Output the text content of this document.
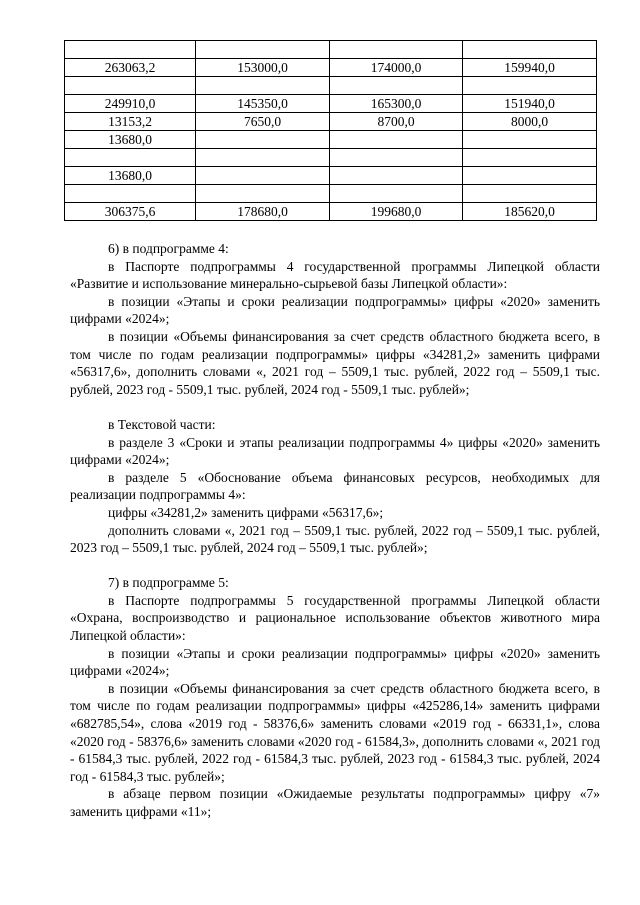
263063,2	153000,0	174000,0	159940,0

249910,0	145350,0	165300,0	151940,0
13153,2	7650,0	8700,0	8000,0
13680,0			

13680,0			

306375,6	178680,0	199680,0	185620,0

6) в подпрограмме 4:

в Паспорте подпрограммы 4 государственной программы Липецкой области «Развитие и использование минерально-сырьевой базы Липецкой области»:

в позиции «Этапы и сроки реализации подпрограммы» цифры «2020» заменить цифрами «2024»;

в позиции «Объемы финансирования за счет средств областного бюджета всего, в том числе по годам реализации подпрограммы» цифры «34281,2» заменить цифрами «56317,6», дополнить словами «, 2021 год – 5509,1 тыс. рублей, 2022 год – 5509,1 тыс. рублей, 2023 год - 5509,1 тыс. рублей, 2024 год - 5509,1 тыс. рублей»;

в Текстовой части:

в разделе 3 «Сроки и этапы реализации подпрограммы 4» цифры «2020» заменить цифрами «2024»;

в разделе 5 «Обоснование объема финансовых ресурсов, необходимых для реализации подпрограммы 4»:

цифры «34281,2» заменить цифрами «56317,6»;

дополнить словами «, 2021 год – 5509,1 тыс. рублей, 2022 год – 5509,1 тыс. рублей, 2023 год – 5509,1 тыс. рублей, 2024 год – 5509,1 тыс. рублей»;

7) в подпрограмме 5:

в Паспорте подпрограммы 5 государственной программы Липецкой области «Охрана, воспроизводство и рациональное использование объектов животного мира Липецкой области»:

в позиции «Этапы и сроки реализации подпрограммы» цифры «2020» заменить цифрами «2024»;

в позиции «Объемы финансирования за счет средств областного бюджета всего, в том числе по годам реализации подпрограммы» цифры «425286,14» заменить цифрами «682785,54», слова «2019 год - 58376,6» заменить словами «2019 год - 66331,1», слова «2020 год - 58376,6» заменить словами «2020 год - 61584,3», дополнить словами «, 2021 год - 61584,3 тыс. рублей, 2022 год - 61584,3 тыс. рублей, 2023 год - 61584,3 тыс. рублей, 2024 год - 61584,3 тыс. рублей»;

в абзаце первом позиции «Ожидаемые результаты подпрограммы» цифру «7» заменить цифрами «11»;
